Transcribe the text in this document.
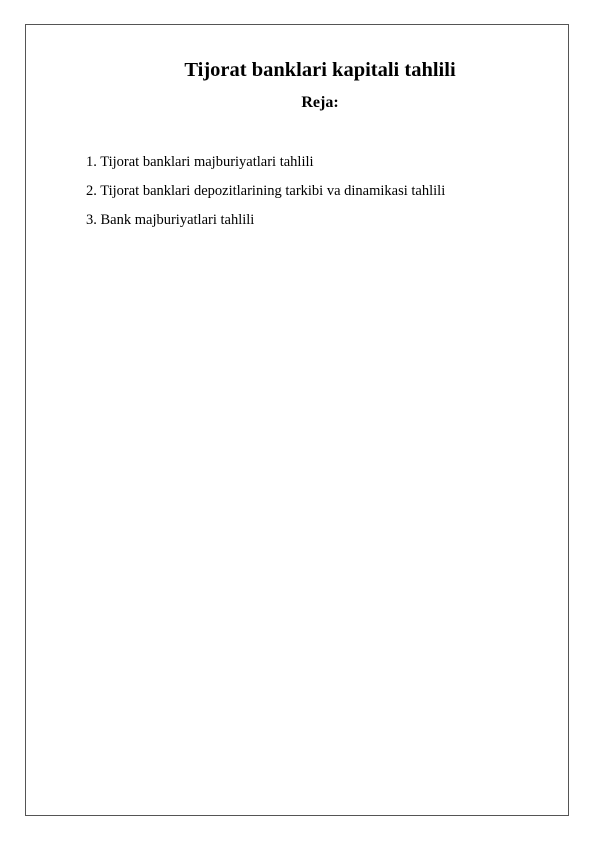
Tijorat banklari kapitali tahlili
Reja:
1 . Tijorat banklari majburiyatlari tahlili
2 . Tijorat banklari depozitlarining tarkibi va dinamikasi tahlili
3 . Bank majburiyatlari tahlili
